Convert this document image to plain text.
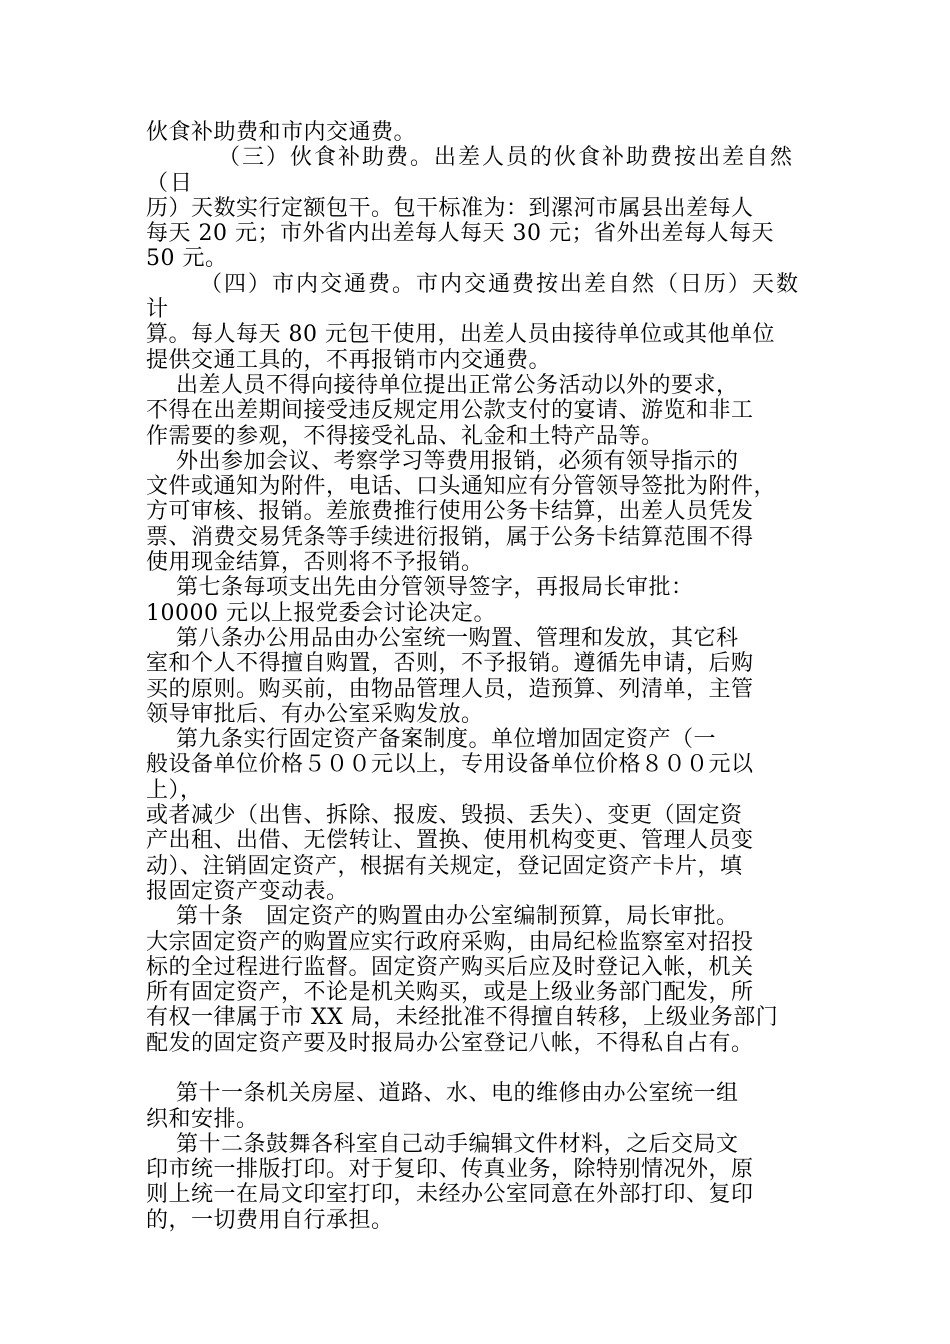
伙食补助费和市内交通费。
（三）伙食补助费。出差人员的伙食补助费按出差自然
（日
历）天数实行定额包干。包干标准为：到漯河市属县出差每人
每天 20 元；市外省内出差每人每天 30 元；省外出差每人每天
50 元。
（四）市内交通费。市内交通费按出差自然（日历）天数
计
算。每人每天 80 元包干使用，出差人员由接待单位或其他单位
提供交通工具的，不再报销市内交通费。
出差人员不得向接待单位提出正常公务活动以外的要求，
不得在出差期间接受违反规定用公款支付的宴请、游览和非工
作需要的参观，不得接受礼品、礼金和土特产品等。
外出参加会议、考察学习等费用报销，必须有领导指示的
文件或通知为附件，电话、口头通知应有分管领导签批为附件，
方可审核、报销。差旅费推行使用公务卡结算，出差人员凭发
票、消费交易凭条等手续进衍报销，属于公务卡结算范围不得
使用现金结算，否则将不予报销。
第七条每项支出先由分管领导签字，再报局长审批：
10000 元以上报党委会讨论决定。
第八条办公用品由办公室统一购置、管理和发放，其它科
室和个人不得擅自购置，否则，不予报销。遵循先申请，后购
买的原则。购买前，由物品管理人员，造预算、列清单，主管
领导审批后、有办公室采购发放。
第九条实行固定资产备案制度。单位增加固定资产（一
般设备单位价格５００元以上，专用设备单位价格８００元以
上），
或者减少（出售、拆除、报废、毁损、丢失）、变更（固定资
产出租、出借、无偿转让、置换、使用机构变更、管理人员变
动）、注销固定资产，根据有关规定，登记固定资产卡片，填
报固定资产变动表。
第十条   固定资产的购置由办公室编制预算，局长审批。
大宗固定资产的购置应实行政府采购，由局纪检监察室对招投
标的全过程进行监督。固定资产购买后应及时登记入帐，机关
所有固定资产，不论是机关购买，或是上级业务部门配发，所
有权一律属于市 XX 局，未经批准不得擅自转移，上级业务部门
配发的固定资产要及时报局办公室登记八帐，不得私自占有。
第十一条机关房屋、道路、水、电的维修由办公室统一组
织和安排。
第十二条鼓舞各科室自己动手编辑文件材料，之后交局文
印市统一排版打印。对于复印、传真业务，除特别情况外，原
则上统一在局文印室打印，未经办公室同意在外部打印、复印
的，一切费用自行承担。
